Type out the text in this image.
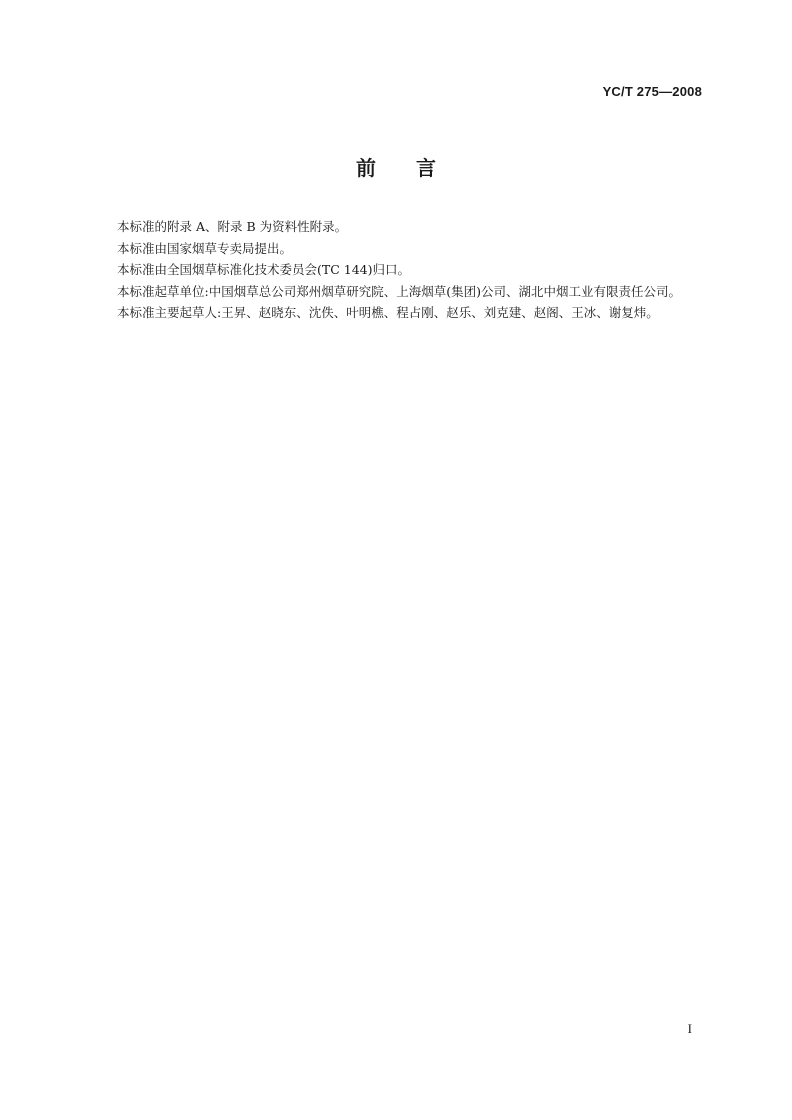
YC/T 275—2008
前言

本标准的附录 A、附录 B 为资料性附录。

本标准由国家烟草专卖局提出。

本标准由全国烟草标准化技术委员会(TC 144)归口。

本标准起草单位:中国烟草总公司郑州烟草研究院、上海烟草(集团)公司、湖北中烟工业有限责任公司。

本标准主要起草人:王昇、赵晓东、沈佚、叶明樵、程占刚、赵乐、刘克建、赵阁、王冰、谢复炜。

I
